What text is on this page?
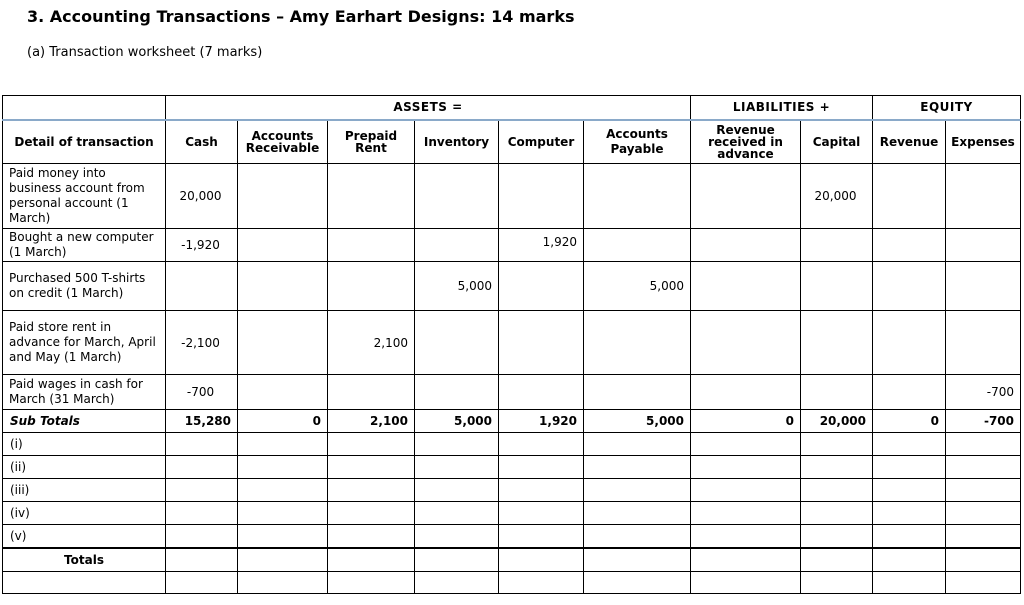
3. Accounting Transactions – Amy Earhart Designs: 14 marks
(a) Transaction worksheet (7 marks)
	ASSETS =						LIABILITIES +		EQUITY	
Detail of transaction	Cash	Accounts Receivable	Prepaid Rent	Inventory	Computer	Accounts Payable	Revenue received in advance	Capital	Revenue	Expenses
Paid money into business account from personal account (1 March)	20,000							20,000		
Bought a new computer (1 March)	-1,920				1,920					
Purchased 500 T-shirts on credit (1 March)				5,000		5,000				
Paid store rent in advance for March, April and May (1 March)	-2,100		2,100							
Paid wages in cash for March (31 March)	-700									-700
Sub Totals	15,280	0	2,100	5,000	1,920	5,000	0	20,000	0	-700
(i)										
(ii)										
(iii)										
(iv)										
(v)										
Totals										
